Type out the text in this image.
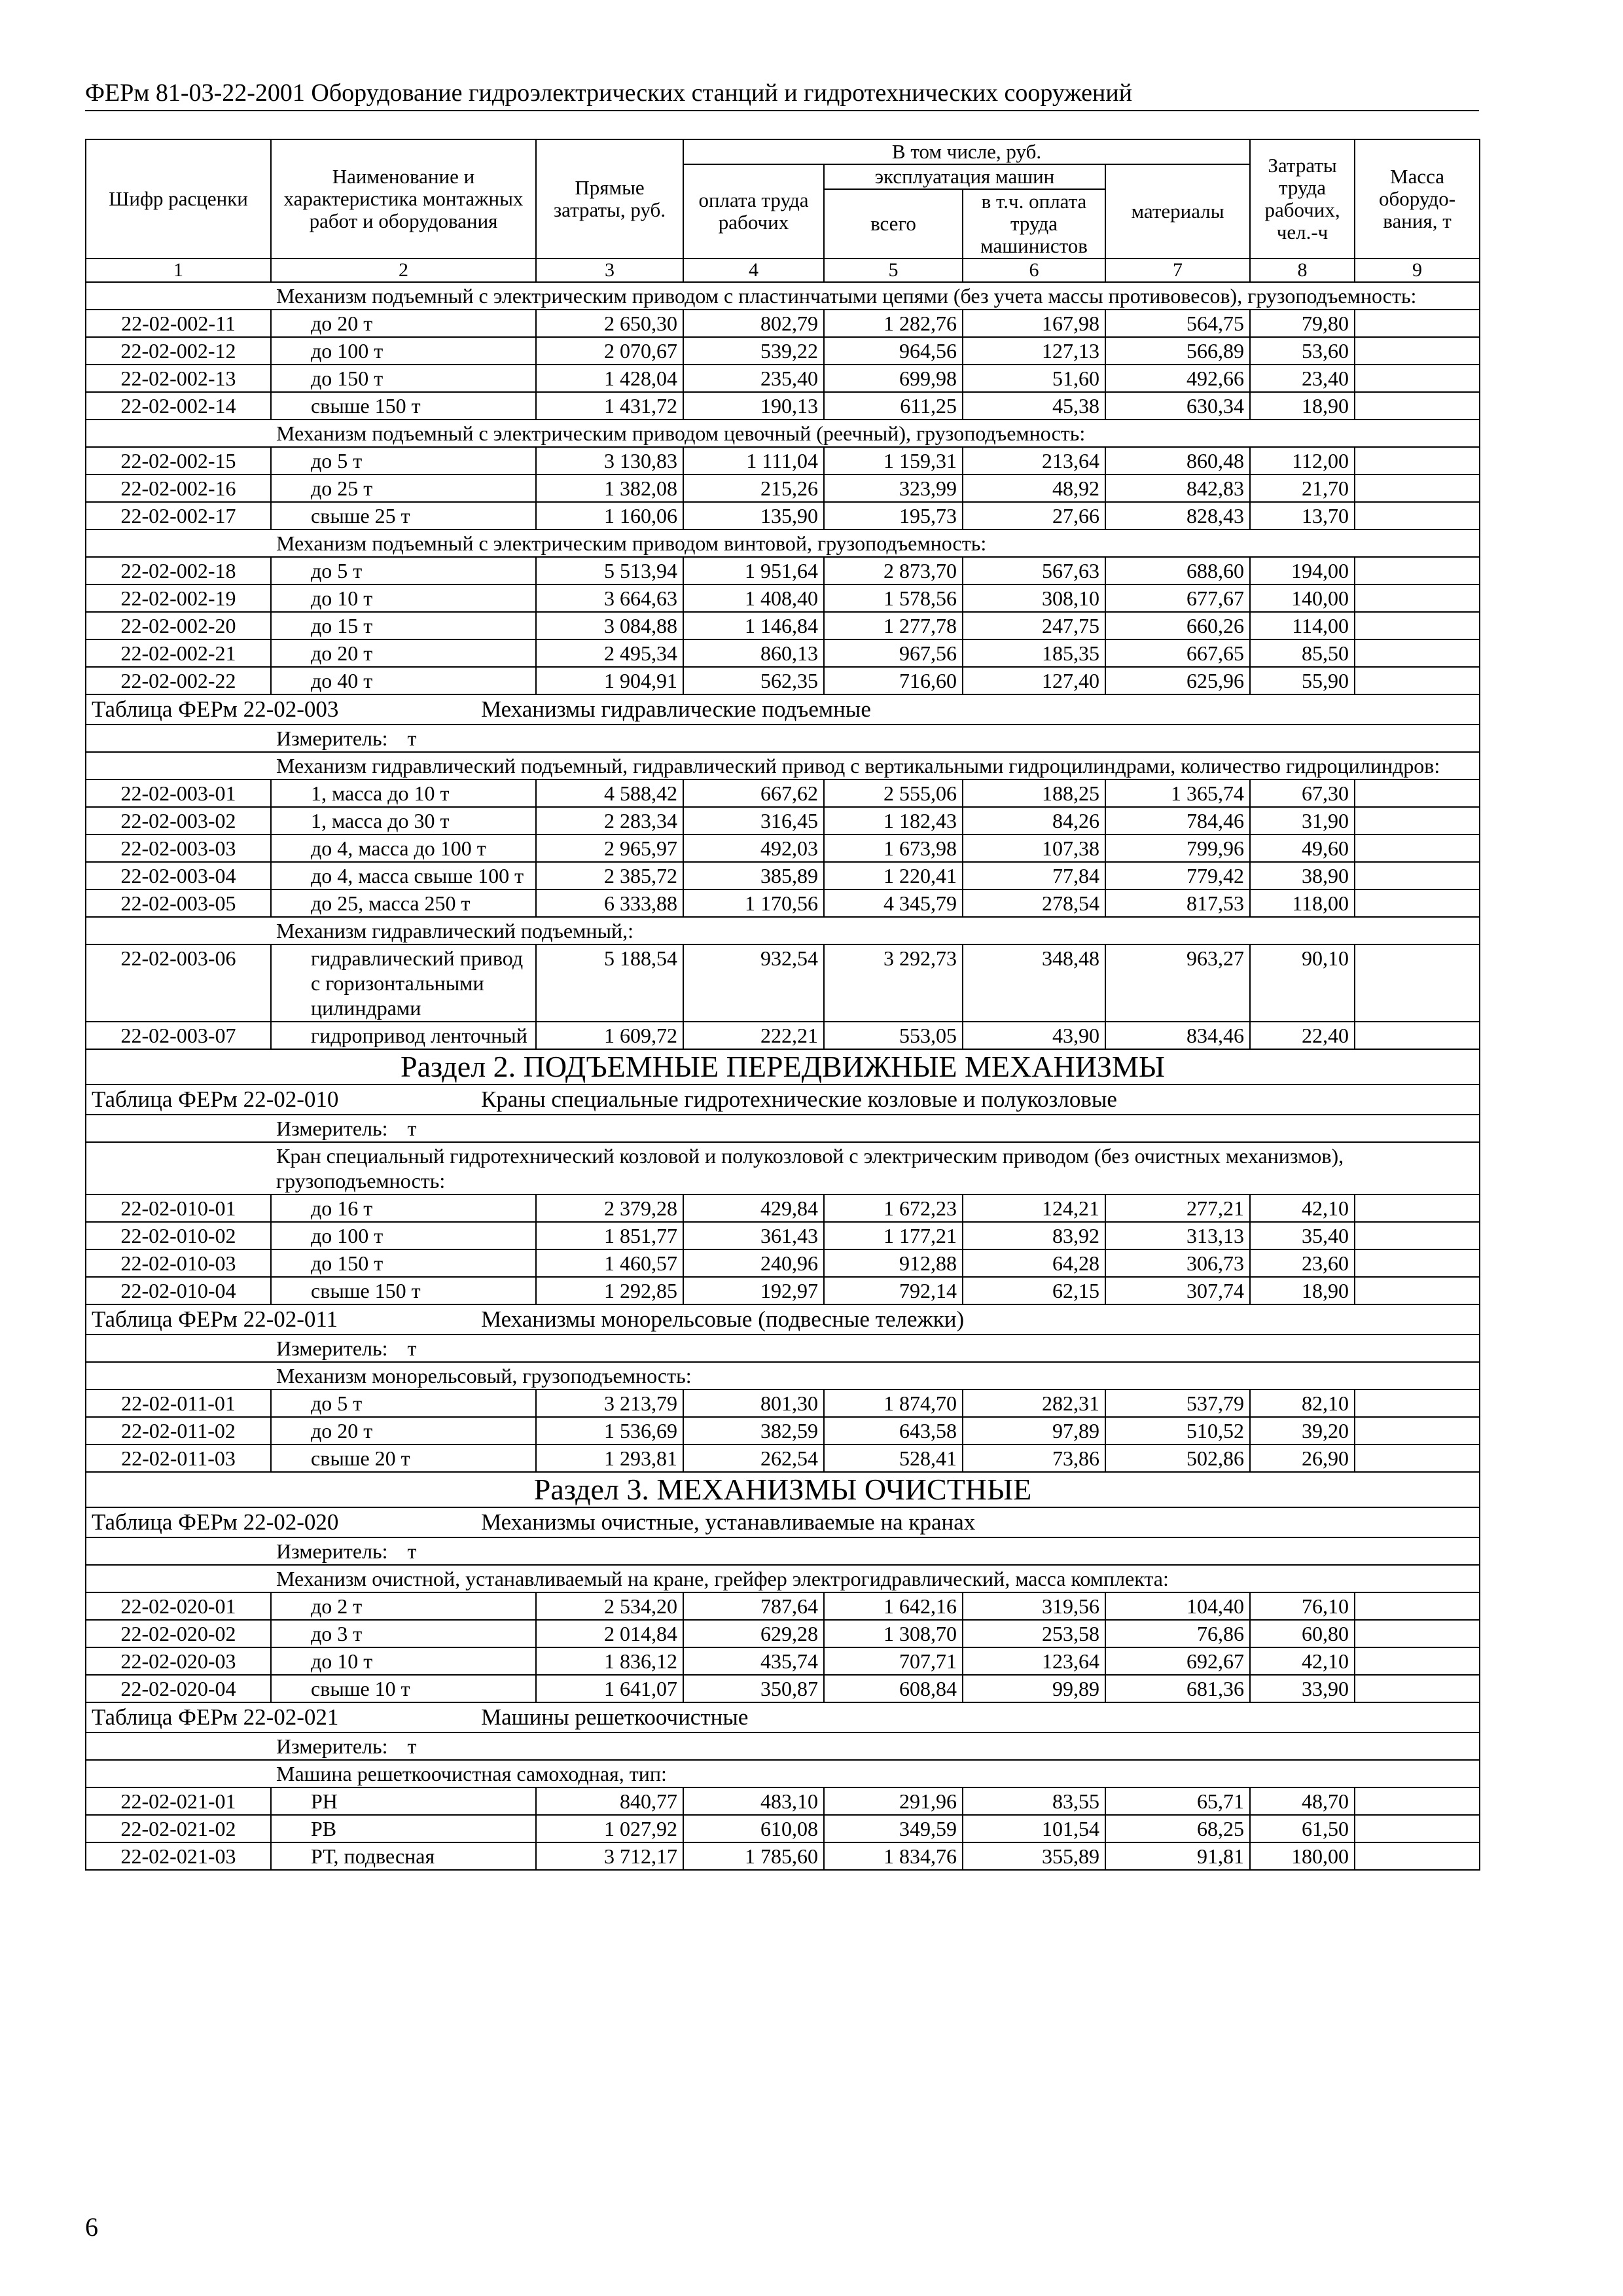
ФЕРм 81-03-22-2001 Оборудование гидроэлектрических станций и гидротехнических сооружений
Шифр расценки	Наименование и характеристика монтажных работ и оборудования	Прямые затраты, руб.	В том числе, руб.				Затраты труда рабочих, чел.-ч	Масса оборудо-вания, т
			оплата труда рабочих	эксплуатация машин		материалы		
				всего	в т.ч. оплата труда машинистов			
1	2	3	4	5	6	7	8	9
Механизм подъемный с электрическим приводом с пластинчатыми цепями (без учета массы противовесов), грузоподъемность:								
22-02-002-11	до 20 т	2 650,30	802,79	1 282,76	167,98	564,75	79,80	
22-02-002-12	до 100 т	2 070,67	539,22	964,56	127,13	566,89	53,60	
22-02-002-13	до 150 т	1 428,04	235,40	699,98	51,60	492,66	23,40	
22-02-002-14	свыше 150 т	1 431,72	190,13	611,25	45,38	630,34	18,90	
Механизм подъемный с электрическим приводом цевочный (реечный), грузоподъемность:								
22-02-002-15	до 5 т	3 130,83	1 111,04	1 159,31	213,64	860,48	112,00	
22-02-002-16	до 25 т	1 382,08	215,26	323,99	48,92	842,83	21,70	
22-02-002-17	свыше 25 т	1 160,06	135,90	195,73	27,66	828,43	13,70	
Механизм подъемный с электрическим приводом винтовой, грузоподъемность:								
22-02-002-18	до 5 т	5 513,94	1 951,64	2 873,70	567,63	688,60	194,00	
22-02-002-19	до 10 т	3 664,63	1 408,40	1 578,56	308,10	677,67	140,00	
22-02-002-20	до 15 т	3 084,88	1 146,84	1 277,78	247,75	660,26	114,00	
22-02-002-21	до 20 т	2 495,34	860,13	967,56	185,35	667,65	85,50	
22-02-002-22	до 40 т	1 904,91	562,35	716,60	127,40	625,96	55,90	
Таблица ФЕРм 22-02-003 Механизмы гидравлические подъемные								
Измеритель: т								
Механизм гидравлический подъемный, гидравлический привод с вертикальными гидроцилиндрами, количество гидроцилиндров:								
22-02-003-01	1, масса до 10 т	4 588,42	667,62	2 555,06	188,25	1 365,74	67,30	
22-02-003-02	1, масса до 30 т	2 283,34	316,45	1 182,43	84,26	784,46	31,90	
22-02-003-03	до 4, масса до 100 т	2 965,97	492,03	1 673,98	107,38	799,96	49,60	
22-02-003-04	до 4, масса свыше 100 т	2 385,72	385,89	1 220,41	77,84	779,42	38,90	
22-02-003-05	до 25, масса 250 т	6 333,88	1 170,56	4 345,79	278,54	817,53	118,00	
Механизм гидравлический подъемный,:								
22-02-003-06	гидравлический привод с горизонтальными цилиндрами	5 188,54	932,54	3 292,73	348,48	963,27	90,10	
22-02-003-07	гидропривод ленточный	1 609,72	222,21	553,05	43,90	834,46	22,40	
Раздел 2. ПОДЪЕМНЫЕ ПЕРЕДВИЖНЫЕ МЕХАНИЗМЫ								
Таблица ФЕРм 22-02-010 Краны специальные гидротехнические козловые и полукозловые								
Измеритель: т								
Кран специальный гидротехнический козловой и полукозловой с электрическим приводом (без очистных механизмов), грузоподъемность:								
22-02-010-01	до 16 т	2 379,28	429,84	1 672,23	124,21	277,21	42,10	
22-02-010-02	до 100 т	1 851,77	361,43	1 177,21	83,92	313,13	35,40	
22-02-010-03	до 150 т	1 460,57	240,96	912,88	64,28	306,73	23,60	
22-02-010-04	свыше 150 т	1 292,85	192,97	792,14	62,15	307,74	18,90	
Таблица ФЕРм 22-02-011 Механизмы монорельсовые (подвесные тележки)								
Измеритель: т								
Механизм монорельсовый, грузоподъемность:								
22-02-011-01	до 5 т	3 213,79	801,30	1 874,70	282,31	537,79	82,10	
22-02-011-02	до 20 т	1 536,69	382,59	643,58	97,89	510,52	39,20	
22-02-011-03	свыше 20 т	1 293,81	262,54	528,41	73,86	502,86	26,90	
Раздел 3. МЕХАНИЗМЫ ОЧИСТНЫЕ								
Таблица ФЕРм 22-02-020 Механизмы очистные, устанавливаемые на кранах								
Измеритель: т								
Механизм очистной, устанавливаемый на кране, грейфер электрогидравлический, масса комплекта:								
22-02-020-01	до 2 т	2 534,20	787,64	1 642,16	319,56	104,40	76,10	
22-02-020-02	до 3 т	2 014,84	629,28	1 308,70	253,58	76,86	60,80	
22-02-020-03	до 10 т	1 836,12	435,74	707,71	123,64	692,67	42,10	
22-02-020-04	свыше 10 т	1 641,07	350,87	608,84	99,89	681,36	33,90	
Таблица ФЕРм 22-02-021 Машины решеткоочистные								
Измеритель: т								
Машина решеткоочистная самоходная, тип:								
22-02-021-01	РН	840,77	483,10	291,96	83,55	65,71	48,70	
22-02-021-02	РВ	1 027,92	610,08	349,59	101,54	68,25	61,50	
22-02-021-03	РТ, подвесная	3 712,17	1 785,60	1 834,76	355,89	91,81	180,00	
6
